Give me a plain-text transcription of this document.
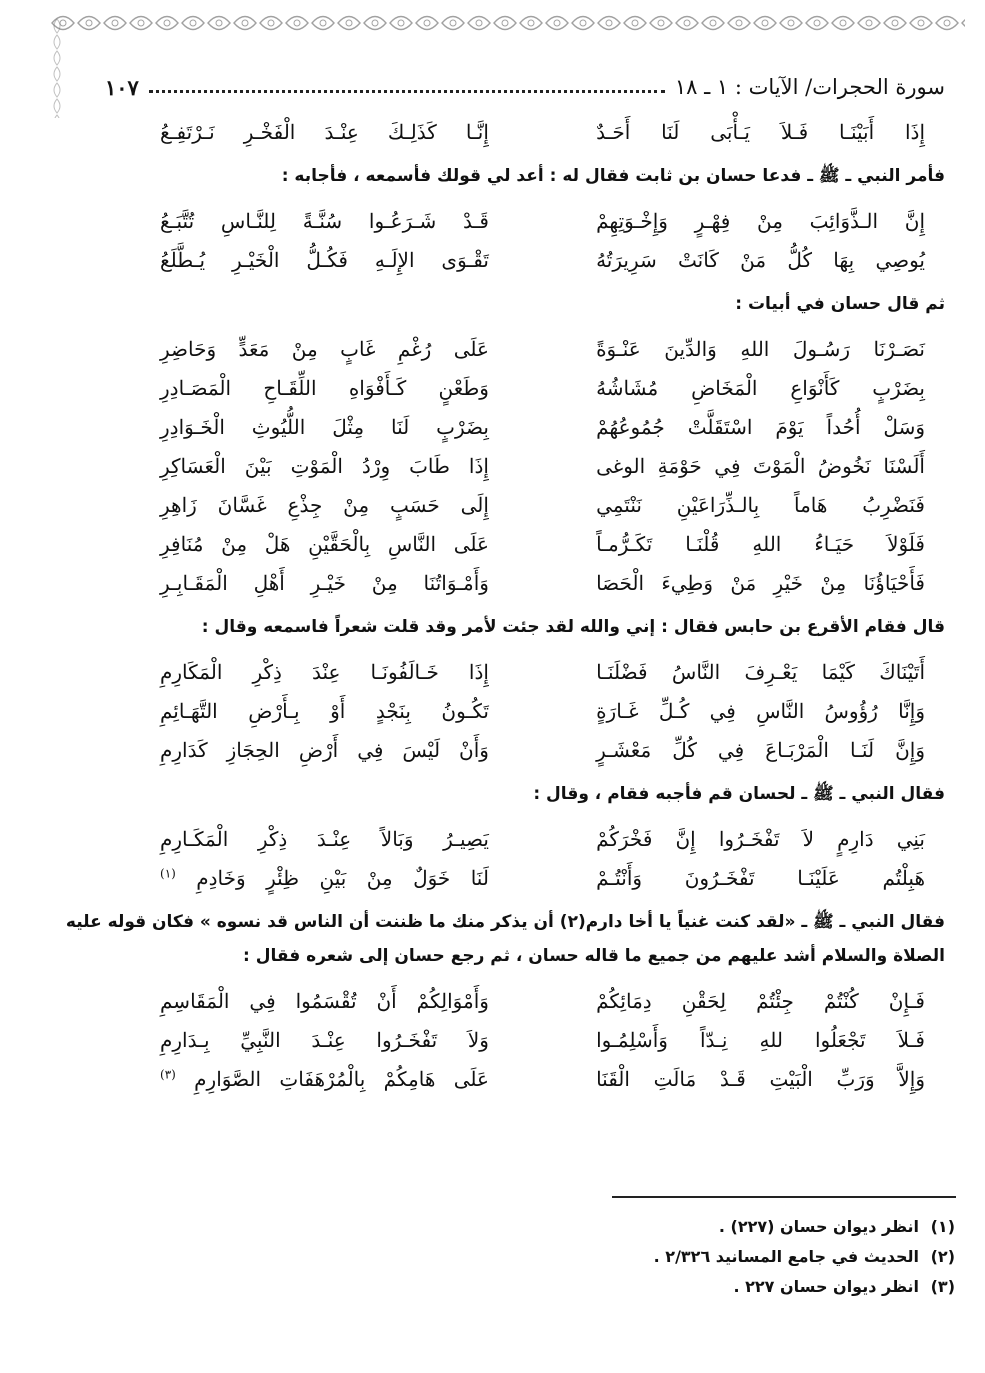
سورة الحجرات/ الآيات : ١ ـ ١٨
١٠٧
إِذَا أَبَيْنَـا فَـلاَ يَـأْبَى لَنَا أَحَـدٌ
إِنَّـا كَذَلِـكَ عِنْـدَ الْفَخْـرِ نَـرْتَفِـعُ

فأمر النبي ـ ﷺ ـ فدعا حسان بن ثابت فقال له : أعد لي قولك فأسمعه ، فأجابه :

إِنَّ الـذَّوَائِبَ مِنْ فِهْـرٍ وَإِخْـوَتِهِمْ
قَـدْ شَـرَعُـوا سُنَّـةً لِلنَّـاسِ تُتَّبَـعُ
يُوصِي بِهَا كُلُّ مَنْ كَانَتْ سَرِيرَتُهُ
تَقْـوَى الإِلَـهِ فَكُـلُّ الْخَيْـرِ يُـطَّلَعُ

ثم قال حسان في أبيات :

نَصَـرْنَا رَسُـولَ اللهِ وَالدِّينَ عَنْـوَةً
عَلَى رُغْمِ غَابٍ مِنْ مَعَدٍّ وَحَاضِرِ
بِضَرْبٍ كَأَنْوَاعِ الْمَخَاضِ مُشَاشُهُ
وَطَعْنٍ كَـأَفْوَاهِ اللِّقَـاحِ الْمَصَـادِرِ
وَسَلْ أُحُداً يَوْمَ اسْتَقَلَّتْ جُمُوعُهُمْ
بِضَرْبٍ لَنَا مِثْلَ اللُّيُوثِ الْخَـوَادِرِ
أَلَسْنَا نَخُوضُ الْمَوْتَ فِي حَوْمَةِ الوغى
إِذَا طَابَ وِرْدُ الْمَوْتِ بَيْنَ الْعَسَاكِرِ
فَنَضْرِبُ هَاماً بِالـذِّرَاعَيْنِ نَنْتَمِي
إِلَى حَسَبٍ مِنْ جِذْعِ غَسَّانَ زَاهِرِ
فَلَوْلاَ حَيَـاءُ اللهِ قُلْنَـا تَكَـرُّمـاً
عَلَى النَّاسِ بِالْحَقَّيْنِ هَلْ مِنْ مُنَافِرِ
فَأَحْيَاؤُنَا مِنْ خَيْرِ مَنْ وَطِيءَ الْحَصَا
وَأَمْـوَاتُنَا مِنْ خَيْـرِ أَهْلِ الْمَقَـابِـرِ

قال فقام الأقرع بن حابس فقال : إني والله لقد جئت لأمر وقد قلت شعراً فاسمعه وقال :

أَتَيْنَاكَ كَيْمَا يَعْـرِفَ النَّاسُ فَضْلَنَـا
إِذَا خَـالَفُونَـا عِنْدَ ذِكْرِ الْمَكَارِمِ
وَإِنَّا رُؤُوسُ النَّاسِ فِي كُـلِّ غَـارَةٍ
تَكُـونُ بِنَجْدٍ أَوْ بِـأَرْضِ التَّهَـائِمِ
وَإِنَّ لَنَـا الْمَرْبَـاعَ فِي كُلِّ مَعْشَـرٍ
وَأَنْ لَيْسَ فِي أَرْضِ الحِجَازِ كَدَارِمِ

فقال النبي ـ ﷺ ـ لحسان قم فأجبه فقام ، وقال :

بَنِي دَارِمٍ لاَ تَفْخَـرُوا إِنَّ فَخْرَكُمْ
يَصِيـرُ وَبَالاً عِنْـدَ ذِكْرِ الْمَكَـارِمِ
هَبِلْتُم عَلَيْنَـا تَفْخَـرُونَ وَأَنْتُـمْ
لَنَا خَوَلٌ مِنْ بَيْنِ ظِئْرٍ وَخَادِمِ $^{(١)}$

فقال النبي ـ ﷺ ـ «لقد كنت غنياً يا أخا دارم(٢) أن يذكر منك ما ظننت أن الناس قد نسوه » فكان قوله عليه الصلاة والسلام أشد عليهم من جميع ما قاله حسان ، ثم رجع حسان إلى شعره فقال :

فَـإِنْ كُنْتُمْ جِئْتُمْ لِحَقْنِ دِمَائِكُمْ
وَأَمْوَالِكُمْ أَنْ تُقْسَمُوا فِي الْمَقَاسِمِ
فَـلاَ تَجْعَلُوا للهِ نِـدّاً وَأَسْلِمُـوا
وَلاَ تَفْخَـرُوا عِنْـدَ النَّبِيِّ بِـدَارِمِ
وَإِلاَّ وَرَبِّ الْبَيْتِ قَـدْ مَالَتِ الْقَنَا
عَلَى هَامِكُمْ بِالْمُرْهَفَاتِ الصَّوَارِمِ $^{(٣)}$
(١) انظر ديوان حسان (٢٢٧) .
(٢) الحديث في جامع المسانيد ٢/٣٢٦ .
(٣) انظر ديوان حسان ٢٢٧ .
